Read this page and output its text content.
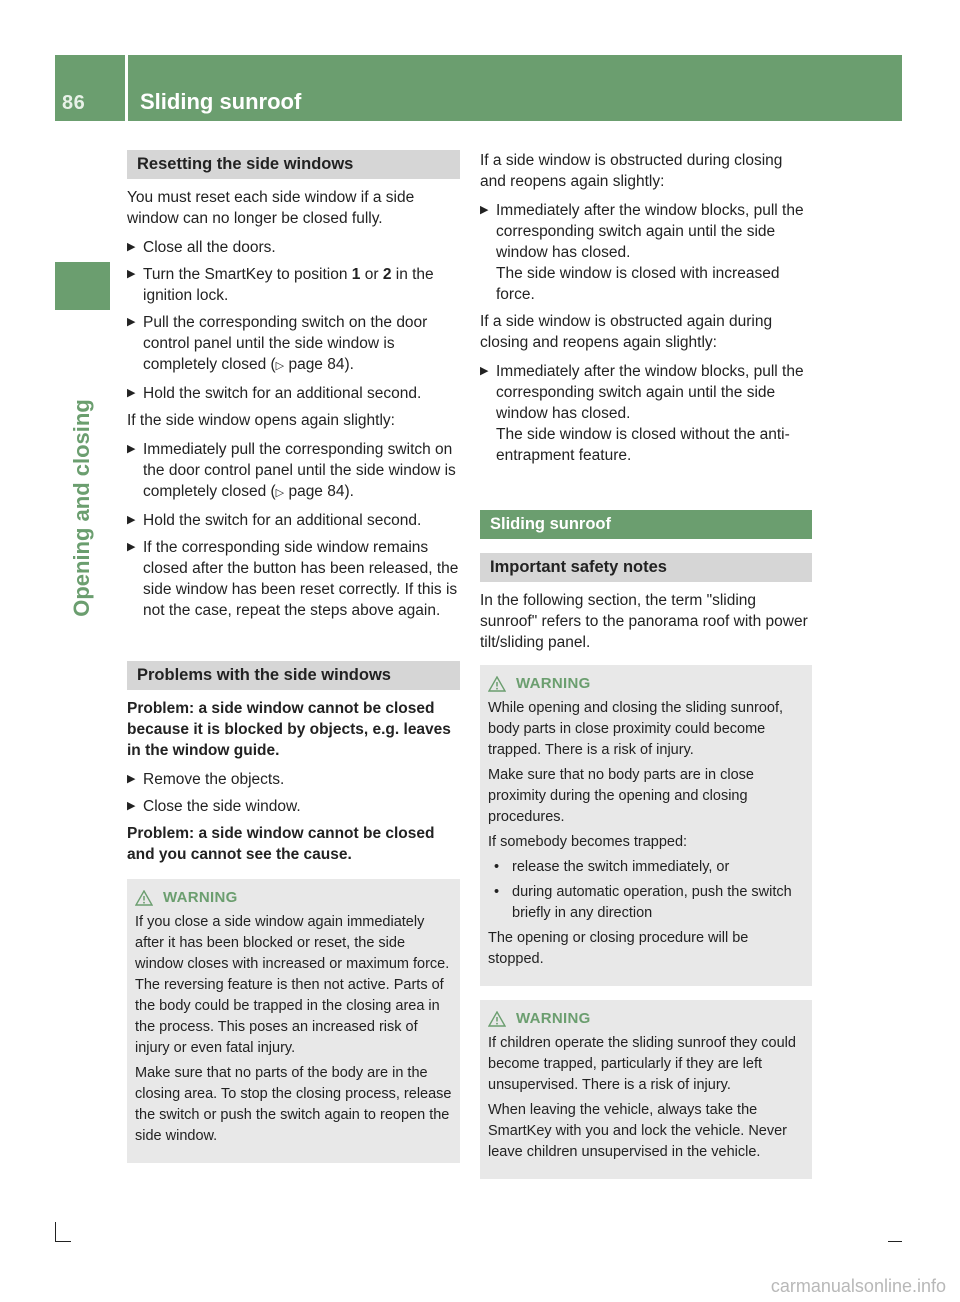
86	Sliding sunroof
Opening and closing
Resetting the side windows

You must reset each side window if a side window can no longer be closed fully.

▶ Close all the doors.
▶ Turn the SmartKey to position 1 or 2 in the ignition lock.
▶ Pull the corresponding switch on the door control panel until the side window is completely closed (▷ page 84).
▶ Hold the switch for an additional second.

If the side window opens again slightly:

▶ Immediately pull the corresponding switch on the door control panel until the side window is completely closed (▷ page 84).
▶ Hold the switch for an additional second.
▶ If the corresponding side window remains closed after the button has been released, the side window has been reset correctly. If this is not the case, repeat the steps above again.
Problems with the side windows

Problem: a side window cannot be closed because it is blocked by objects, e.g. leaves in the window guide.

▶ Remove the objects.
▶ Close the side window.

Problem: a side window cannot be closed and you cannot see the cause.

WARNING

If you close a side window again immediately after it has been blocked or reset, the side window closes with increased or maximum force. The reversing feature is then not active. Parts of the body could be trapped in the closing area in the process. This poses an increased risk of injury or even fatal injury.

Make sure that no parts of the body are in the closing area. To stop the closing process, release the switch or push the switch again to reopen the side window.

If a side window is obstructed during closing and reopens again slightly:

▶ Immediately after the window blocks, pull the corresponding switch again until the side window has closed.
The side window is closed with increased force.

If a side window is obstructed again during closing and reopens again slightly:

▶ Immediately after the window blocks, pull the corresponding switch again until the side window has closed.
The side window is closed without the anti-entrapment feature.
Sliding sunroof
Important safety notes

In the following section, the term "sliding sunroof" refers to the panorama roof with power tilt/sliding panel.

WARNING

While opening and closing the sliding sunroof, body parts in close proximity could become trapped. There is a risk of injury.

Make sure that no body parts are in close proximity during the opening and closing procedures.

If somebody becomes trapped:

• release the switch immediately, or
• during automatic operation, push the switch briefly in any direction

The opening or closing procedure will be stopped.

WARNING

If children operate the sliding sunroof they could become trapped, particularly if they are left unsupervised. There is a risk of injury.

When leaving the vehicle, always take the SmartKey with you and lock the vehicle. Never leave children unsupervised in the vehicle.

carmanualsonline.info
